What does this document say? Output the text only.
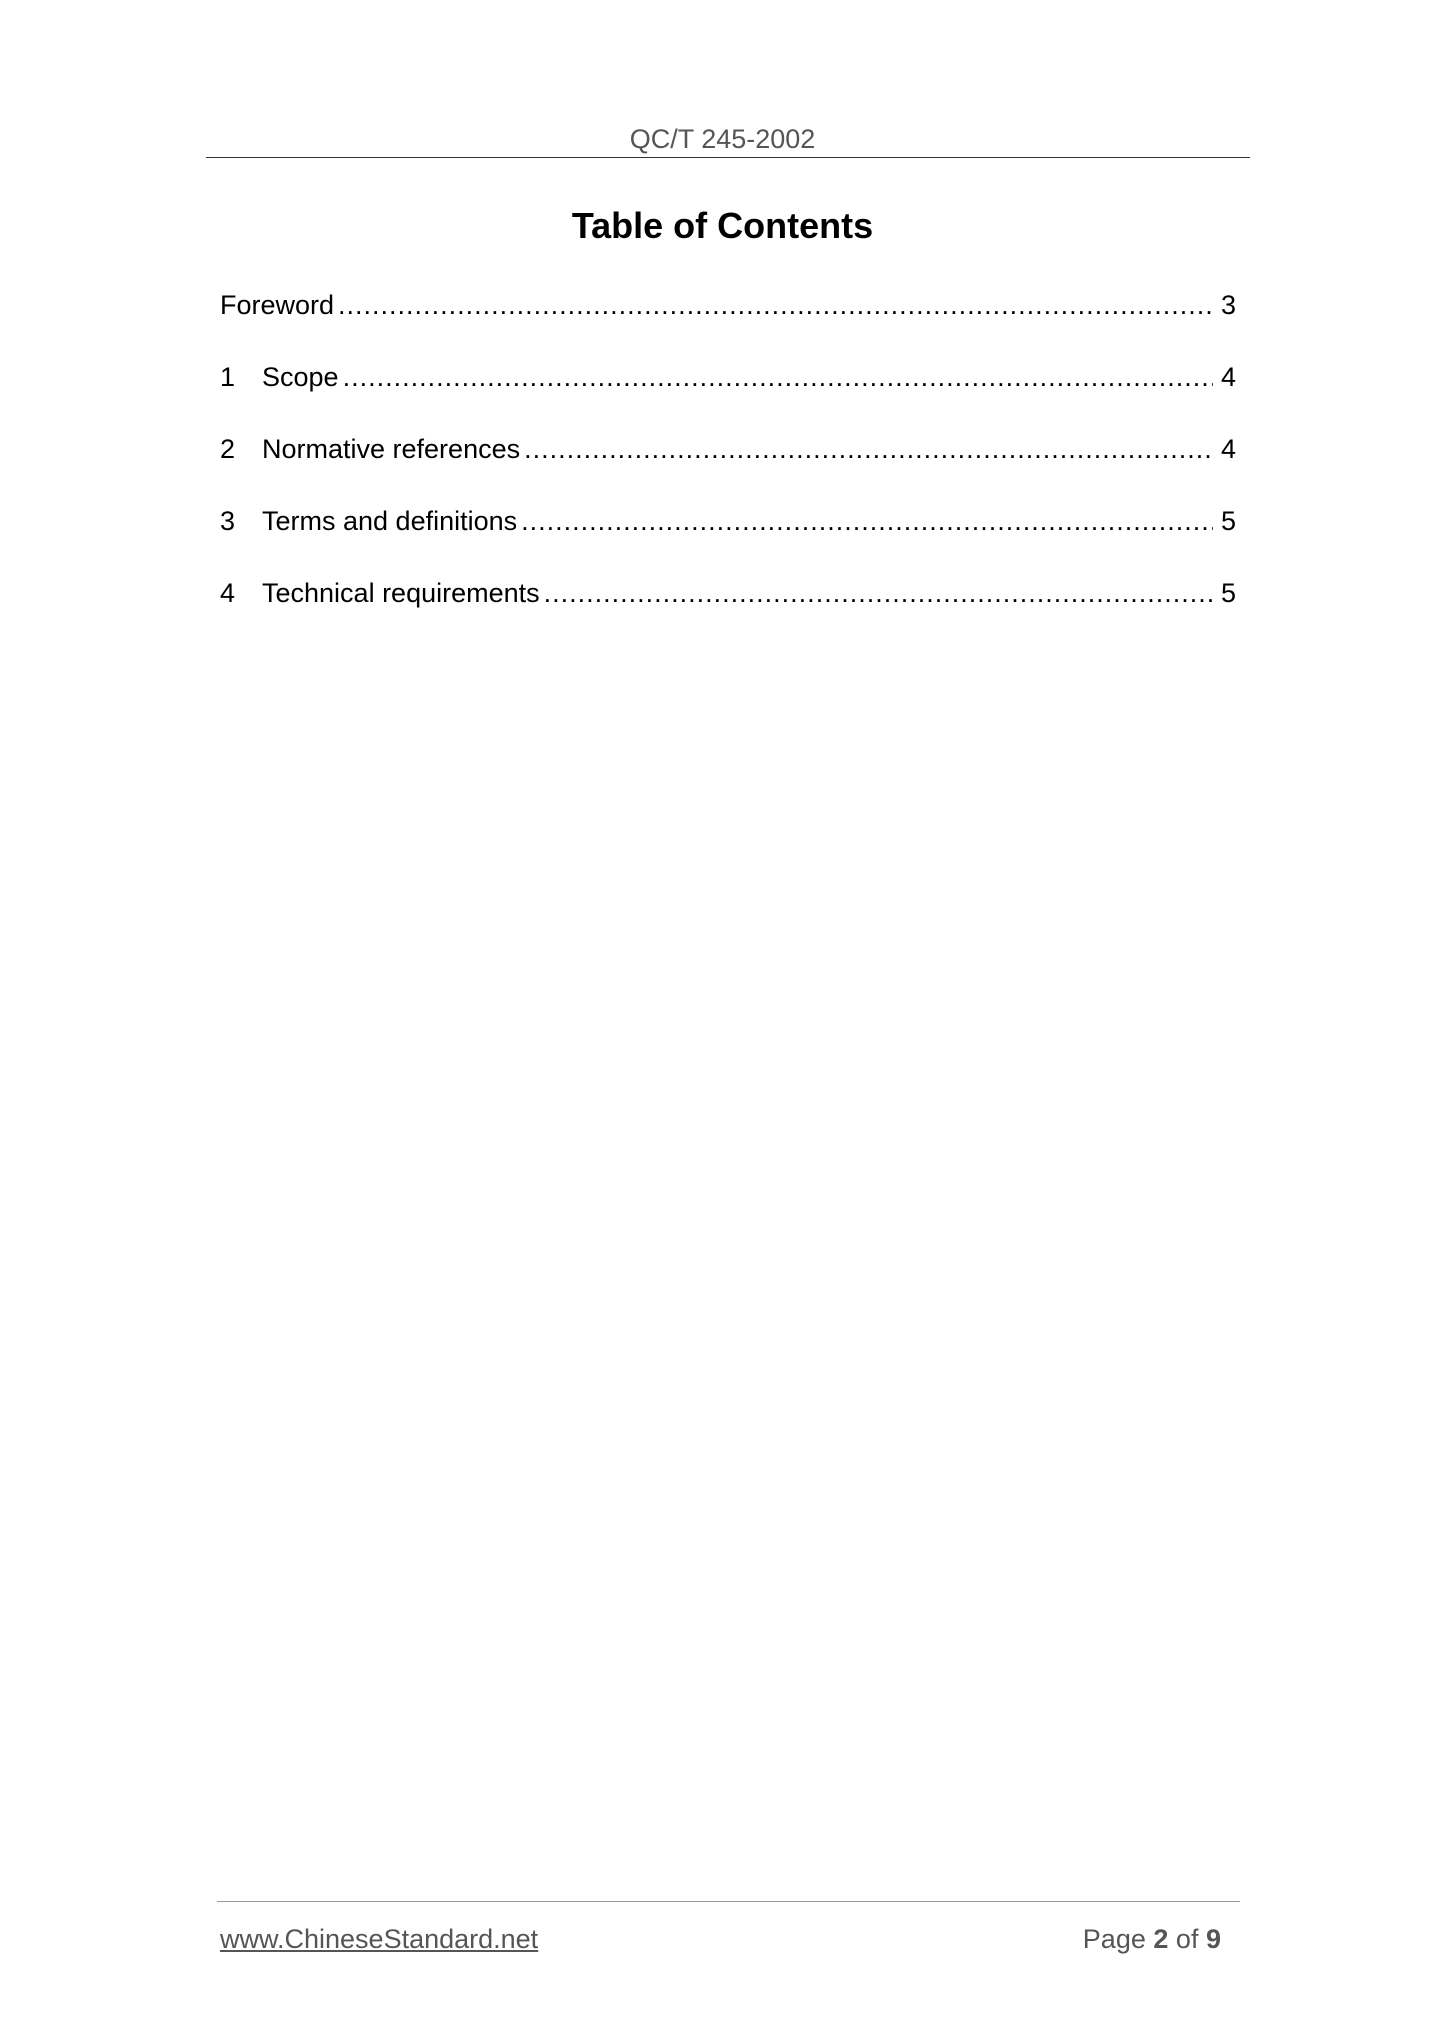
QC/T 245-2002
Table of Contents
Foreword .....	3
1 Scope .....	4
2 Normative references .....	4
3 Terms and definitions .....	5
4 Technical requirements .....	5
www.ChineseStandard.net	Page 2 of 9
